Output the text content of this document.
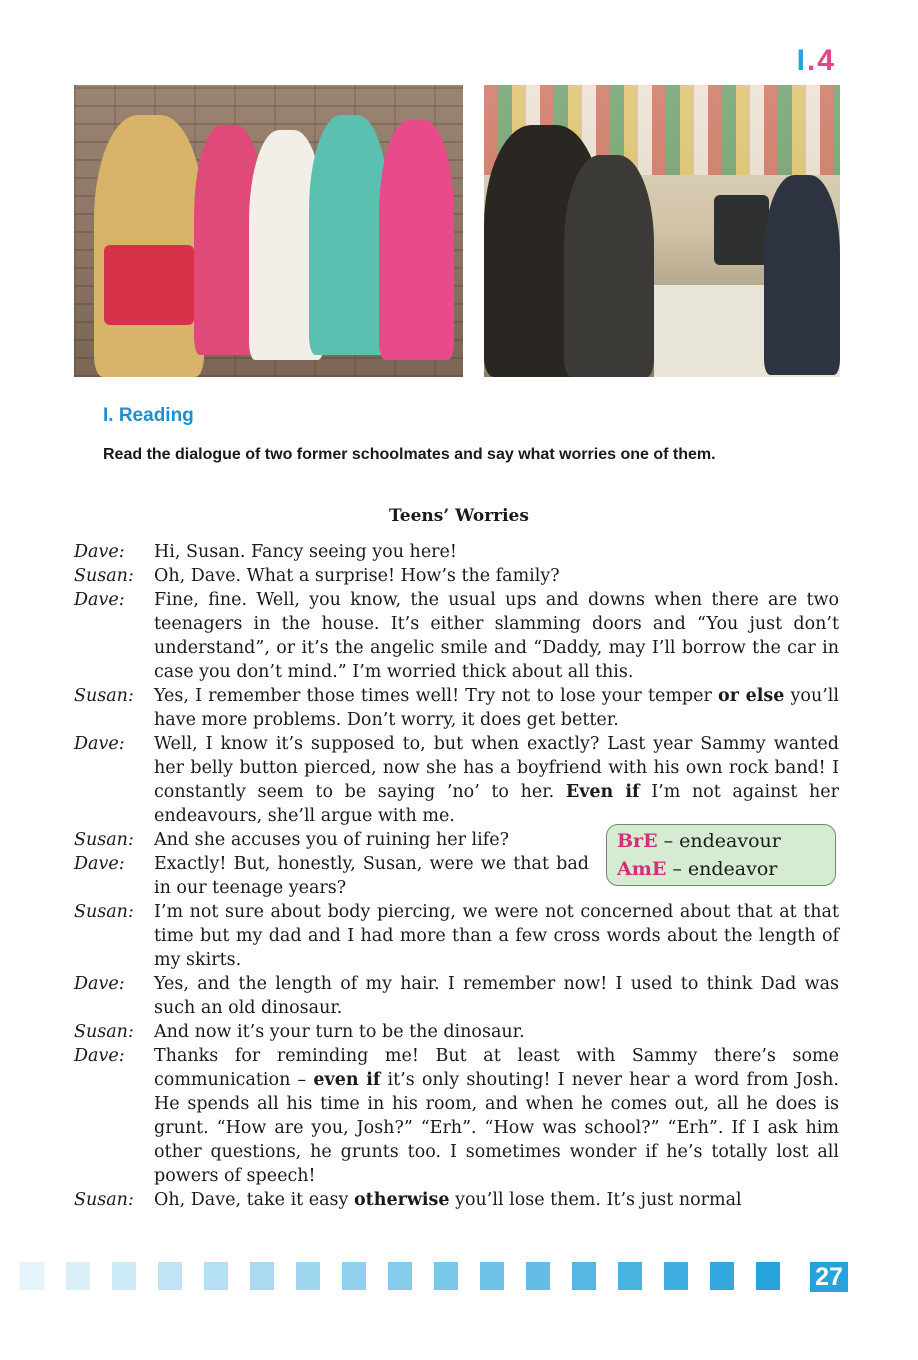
I.4
I. Reading
Read the dialogue of two former schoolmates and say what worries one of them.
Teens’ Worries
Dave:	Hi, Susan. Fancy seeing you here!
Susan:	Oh, Dave. What a surprise! How’s the family?
Dave:	Fine, fine. Well, you know, the usual ups and downs when there are two teenagers in the house. It’s either slamming doors and “You just don’t understand”, or it’s the angelic smile and “Daddy, may I’ll borrow the car in case you don’t mind.” I’m worried thick about all this.
Susan:	Yes, I remember those times well! Try not to lose your temper or else you’ll have more problems. Don’t worry, it does get better.
Dave:	Well, I know it’s supposed to, but when exactly? Last year Sammy wanted her belly button pierced, now she has a boyfriend with his own rock band! I constantly seem to be saying ’no’ to her. Even if I’m not against her endeavours, she’ll argue with me.
Susan:	And she accuses you of ruining her life?
Dave:	Exactly! But, honestly, Susan, were we that bad in our teenage years?
Susan:	I’m not sure about body piercing, we were not concerned about that at that time but my dad and I had more than a few cross words about the length of my skirts.
Dave:	Yes, and the length of my hair. I remember now! I used to think Dad was such an old dinosaur.
Susan:	And now it’s your turn to be the dinosaur.
Dave:	Thanks for reminding me! But at least with Sammy there’s some communication – even if it’s only shouting! I never hear a word from Josh. He spends all his time in his room, and when he comes out, all he does is grunt. “How are you, Josh?” “Erh”. “How was school?” “Erh”. If I ask him other questions, he grunts too. I sometimes wonder if he’s totally lost all powers of speech!
Susan:	Oh, Dave, take it easy otherwise you’ll lose them. It’s just normal
BrE – endeavour
AmE – endeavor
27
